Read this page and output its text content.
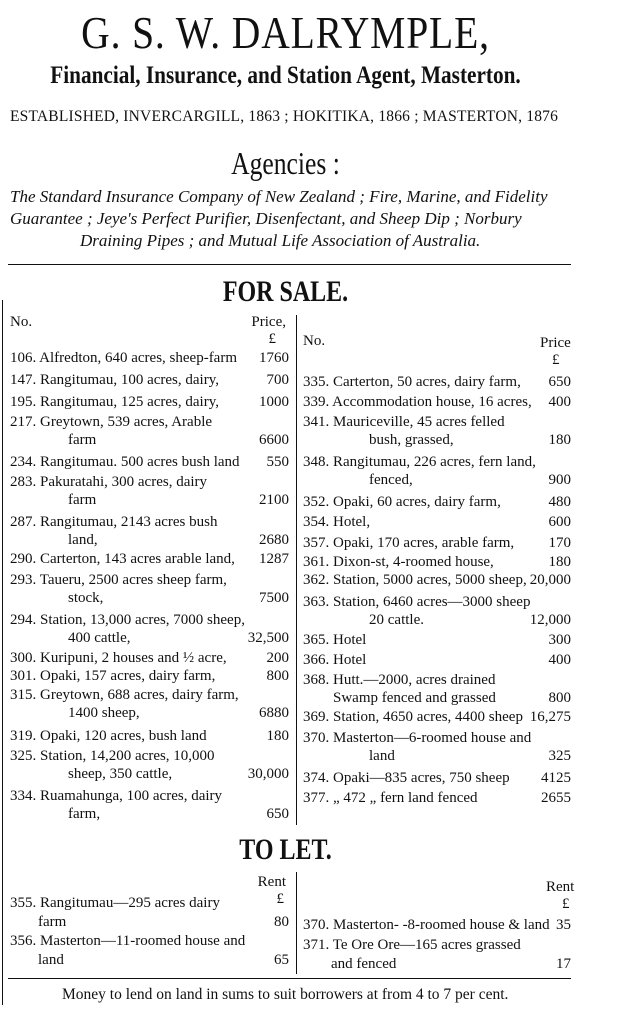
G. S. W. DALRYMPLE,
Financial, Insurance, and Station Agent, Masterton.
ESTABLISHED, INVERCARGILL, 1863 ; HOKITIKA, 1866 ; MASTERTON, 1876
Agencies :
The Standard Insurance Company of New Zealand ; Fire, Marine, and Fidelity
Guarantee ; Jeye's Perfect Purifier, Disenfectant, and Sheep Dip ; Norbury
Draining Pipes ; and Mutual Life Association of Australia.
FOR SALE.
No.	Price,
£
106. Alfredton, 640 acres, sheep-farm	1760
147. Rangitumau, 100 acres, dairy,	700
195. Rangitumau, 125 acres, dairy,	1000
217. Greytown, 539 acres, Arable
farm	6600
234. Rangitumau. 500 acres bush land	550
283. Pakuratahi, 300 acres, dairy
farm	2100
287. Rangitumau, 2143 acres bush
land,	2680
290. Carterton, 143 acres arable land,	1287
293. Taueru, 2500 acres sheep farm,
stock,	7500
294. Station, 13,000 acres, 7000 sheep,
400 cattle,	32,500
300. Kuripuni, 2 houses and ½ acre,	200
301. Opaki, 157 acres, dairy farm,	800
315. Greytown, 688 acres, dairy farm,
1400 sheep,	6880
319. Opaki, 120 acres, bush land	180
325. Station, 14,200 acres, 10,000
sheep, 350 cattle,	30,000
334. Ruamahunga, 100 acres, dairy
farm,	650
No.	Price
£
335. Carterton, 50 acres, dairy farm,	650
339. Accommodation house, 16 acres,	400
341. Mauriceville, 45 acres felled
bush, grassed,	180
348. Rangitumau, 226 acres, fern land,
fenced,	900
352. Opaki, 60 acres, dairy farm,	480
354. Hotel,	600
357. Opaki, 170 acres, arable farm,	170
361. Dixon-st, 4-roomed house,	180
362. Station, 5000 acres, 5000 sheep, 20,000
363. Station, 6460 acres—3000 sheep
20 cattle.	12,000
365. Hotel	300
366. Hotel	400
368. Hutt.—2000, acres drained
Swamp fenced and grassed	800
369. Station, 4650 acres, 4400 sheep 16,275
370. Masterton—6-roomed house and
land	325
374. Opaki—835 acres, 750 sheep	4125
377. „ 472 „ fern land fenced	2655
TO LET.
Rent
£
355. Rangitumau—295 acres dairy
farm	80
356. Masterton—11-roomed house and
land	65
Rent
£
370. Masterton- -8-roomed house & land 35
371. Te Ore Ore—165 acres grassed
and fenced	17
Money to lend on land in sums to suit borrowers at from 4 to 7 per cent.
